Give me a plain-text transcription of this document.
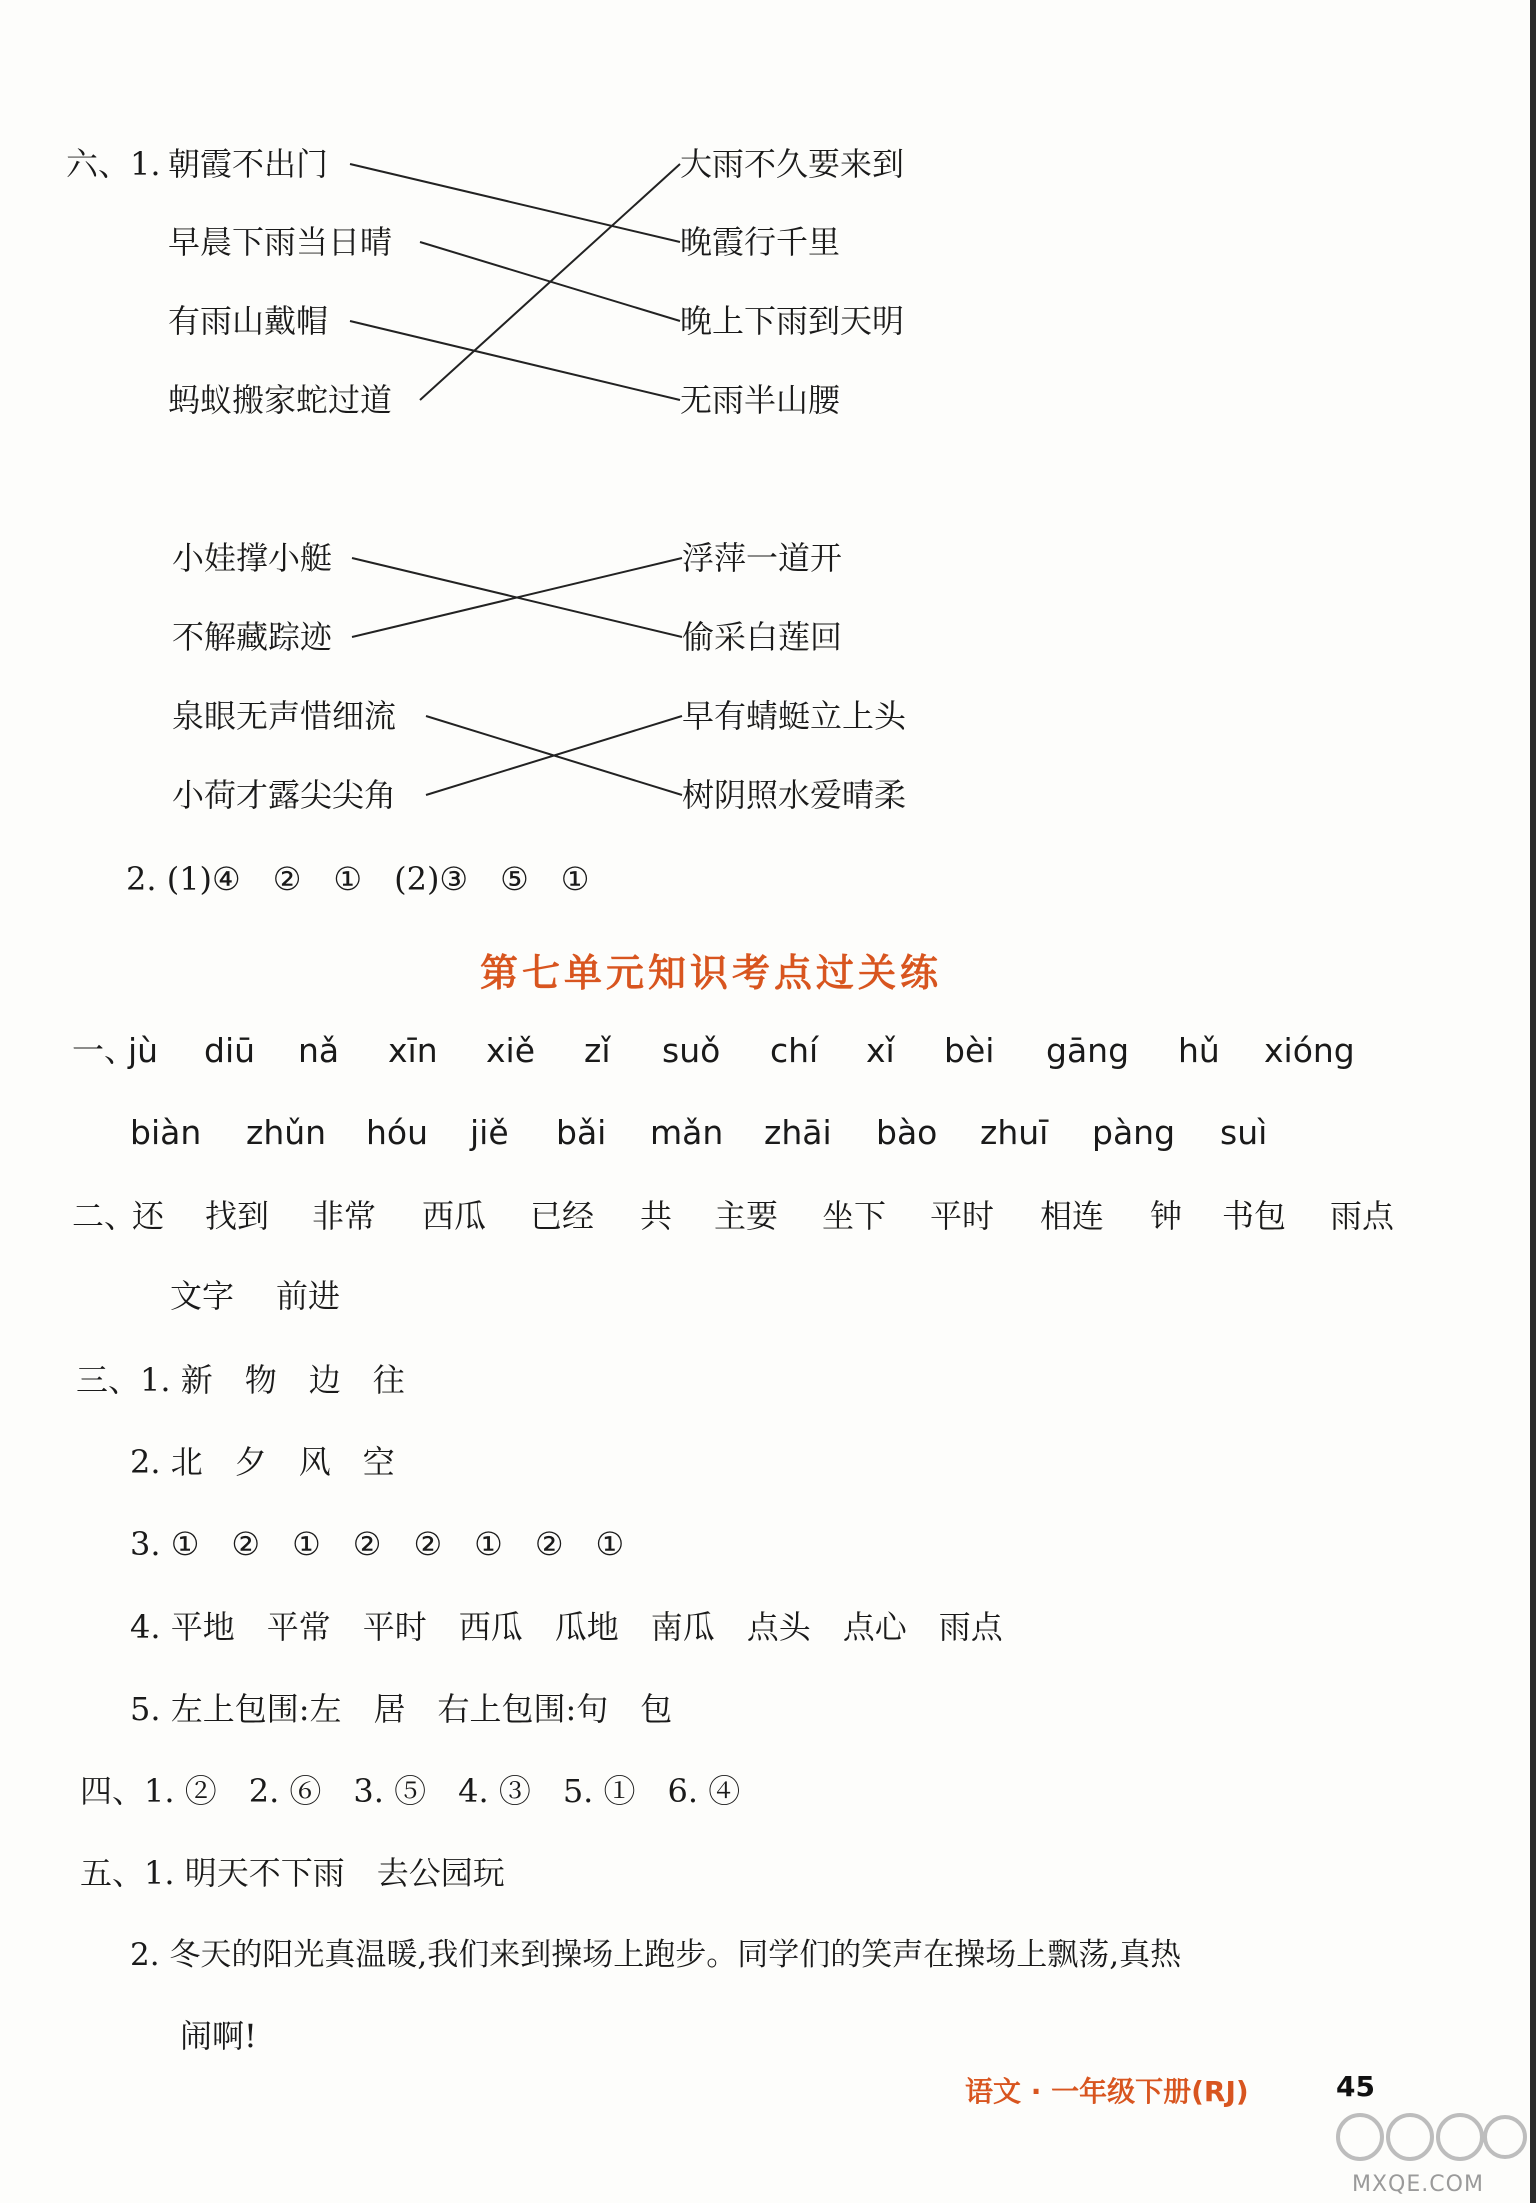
六、1. 朝霞不出门
早晨下雨当日晴
有雨山戴帽
蚂蚁搬家蛇过道
大雨不久要来到
晚霞行千里
晚上下雨到天明
无雨半山腰
小娃撑小艇
不解藏踪迹
泉眼无声惜细流
小荷才露尖尖角
浮萍一道开
偷采白莲回
早有蜻蜓立上头
树阴照水爱晴柔
2. (1)④　②　①　(2)③　⑤　①
第七单元知识考点过关练
一、
jù diū nǎ xīn xiě zǐ suǒ chí xǐ bèi gāng hǔ xióng
biàn zhǔn hóu jiě bǎi mǎn zhāi bào zhuī pàng suì
二、
还 找到 非常 西瓜 已经 共 主要 坐下 平时 相连 钟 书包 雨点
文字 前进
三、1. 新　物　边　往
2. 北　夕　风　空
3. ①　②　①　②　②　①　②　①
4. 平地　平常　平时　西瓜　瓜地　南瓜　点头　点心　雨点
5. 左上包围:左　居　右上包围:句　包
四、1. ②　2. ⑥　3. ⑤　4. ③　5. ①　6. ④
五、1. 明天不下雨　去公园玩
2. 冬天的阳光真温暖,我们来到操场上跑步。同学们的笑声在操场上飘荡,真热
闹啊!
语文 · 一年级下册(RJ)	45
MXQE.COM
